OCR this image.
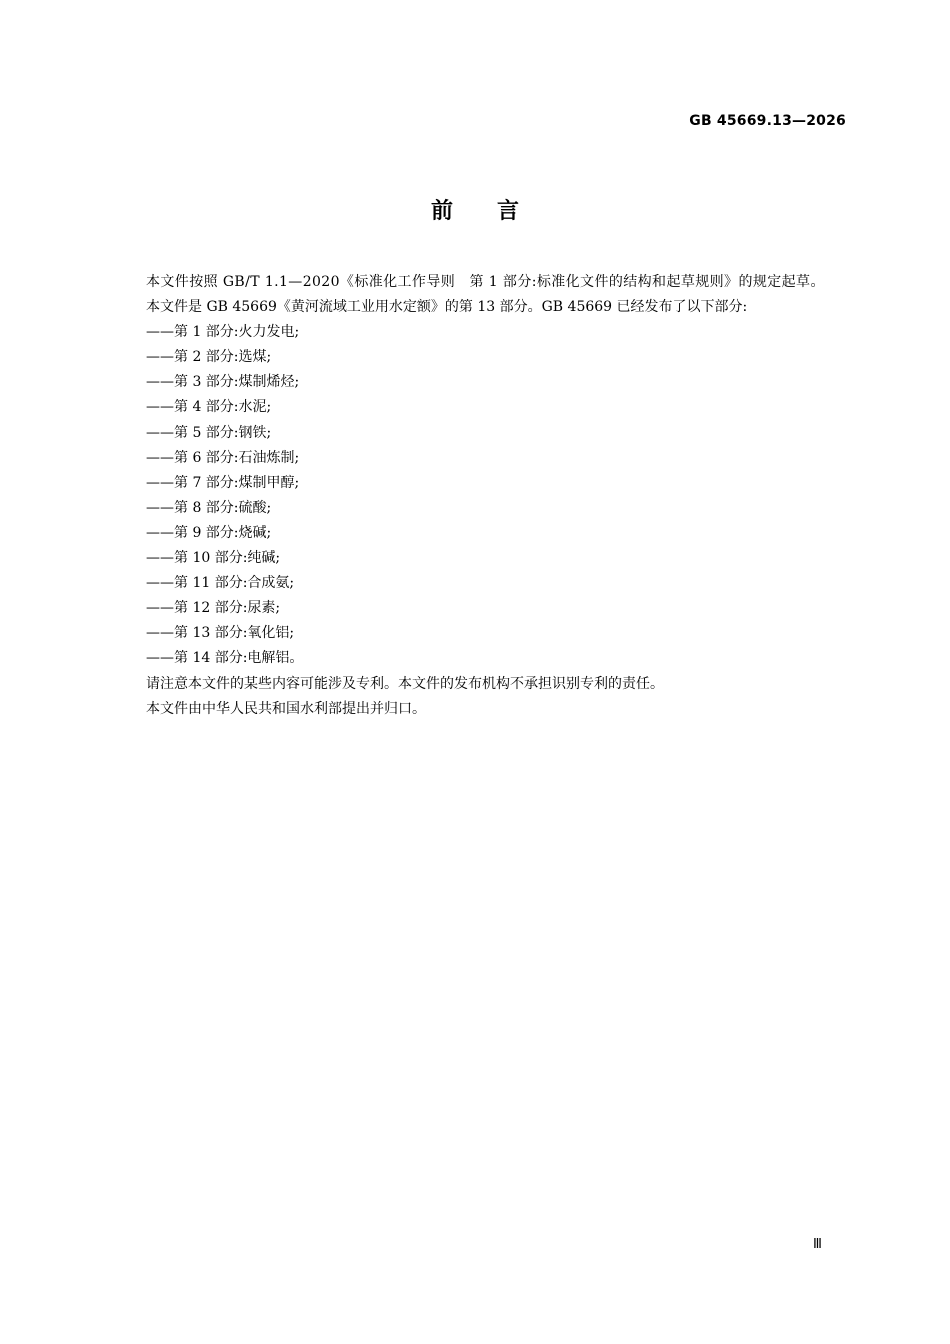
GB 45669.13—2026
前　　言

本文件按照 GB/T 1.1—2020《标准化工作导则　第 1 部分:标准化文件的结构和起草规则》的规定起草。

本文件是 GB 45669《黄河流域工业用水定额》的第 13 部分。GB 45669 已经发布了以下部分:

——第 1 部分:火力发电;
——第 2 部分:选煤;
——第 3 部分:煤制烯烃;
——第 4 部分:水泥;
——第 5 部分:钢铁;
——第 6 部分:石油炼制;
——第 7 部分:煤制甲醇;
——第 8 部分:硫酸;
——第 9 部分:烧碱;
——第 10 部分:纯碱;
——第 11 部分:合成氨;
——第 12 部分:尿素;
——第 13 部分:氧化铝;
——第 14 部分:电解铝。

请注意本文件的某些内容可能涉及专利。本文件的发布机构不承担识别专利的责任。

本文件由中华人民共和国水利部提出并归口。

Ⅲ
